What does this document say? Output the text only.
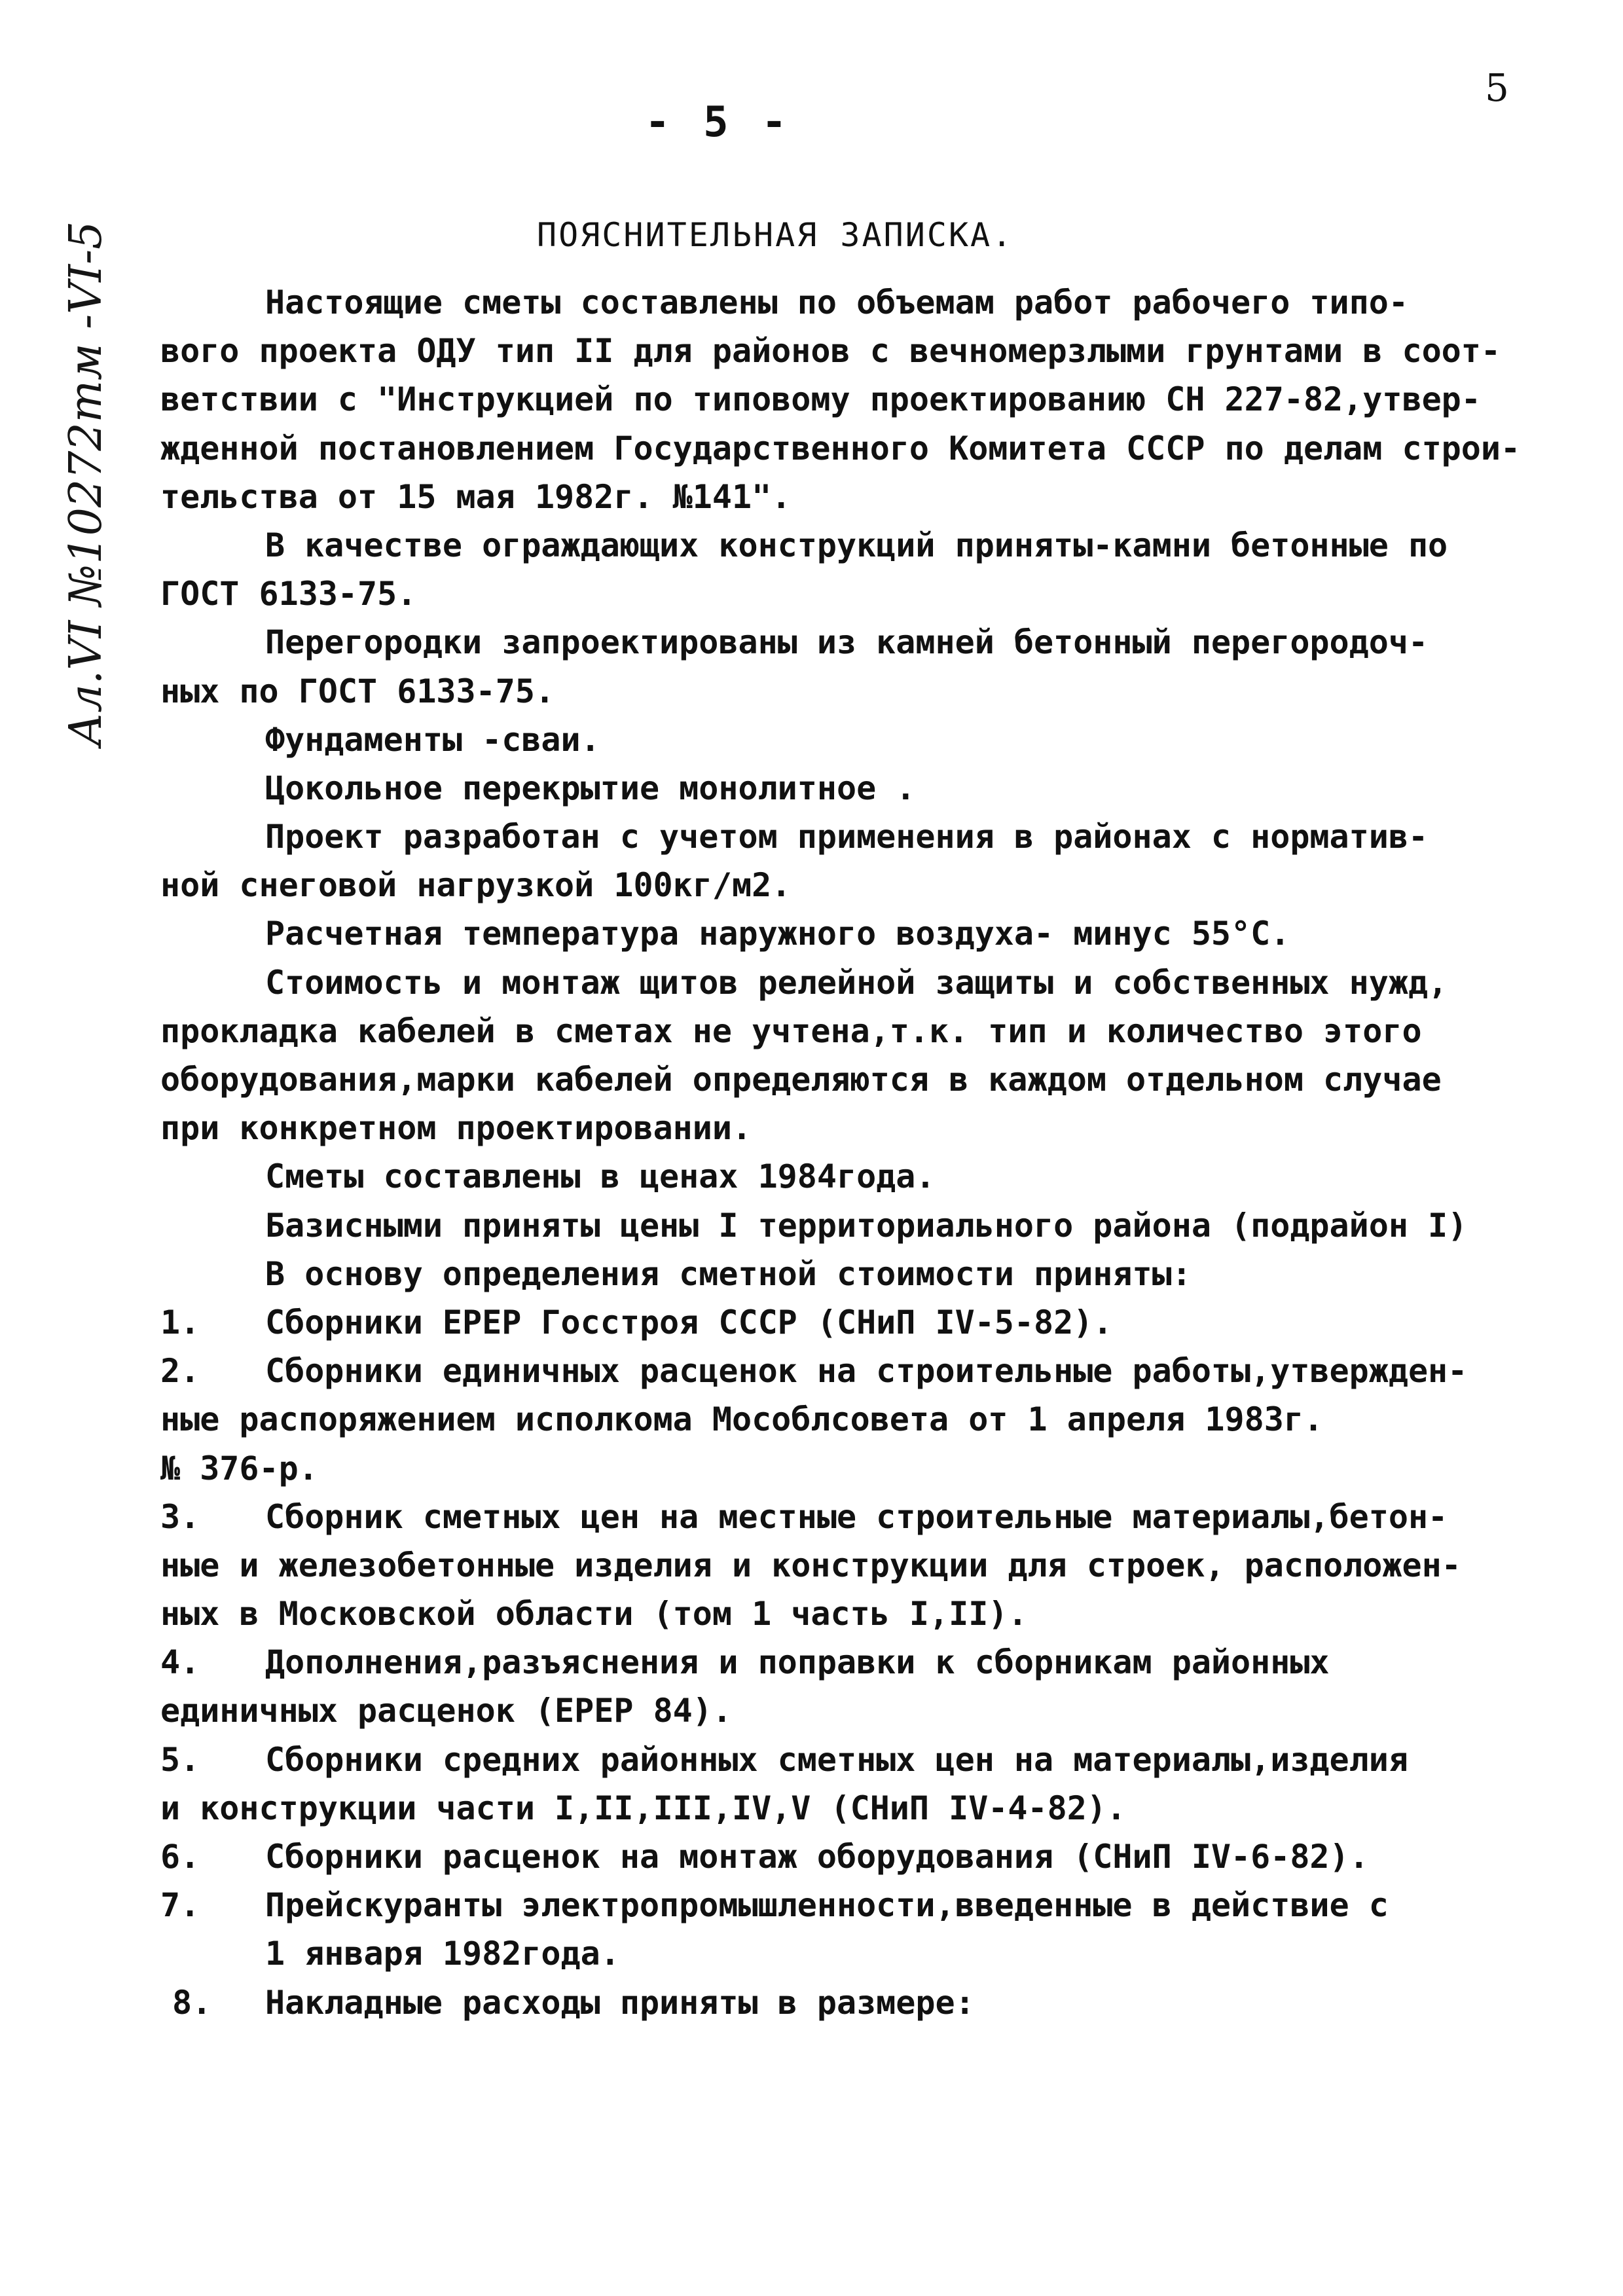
5
- 5 -
Ал.VI №10272тм -VI-5	ПОЯСНИТЕЛЬНАЯ ЗАПИСКА.
Настоящие сметы составлены по объемам работ рабочего типо-
вого проекта ОДУ тип II для районов с вечномерзлыми грунтами в соот-
ветствии с "Инструкцией по типовому проектированию СН 227-82,утвер-
жденной постановлением Государственного Комитета СССР по делам строи-
тельства от 15 мая 1982г. №141".
В качестве ограждающих конструкций приняты-камни бетонные по
ГОСТ 6133-75.
Перегородки запроектированы из камней бетонный перегородоч-
ных по ГОСТ 6133-75.
Фундаменты -сваи.
Цокольное перекрытие монолитное .
Проект разработан с учетом применения в районах с норматив-
ной снеговой нагрузкой 100кг/м2.
Расчетная температура наружного воздуха- минус 55°С.
Стоимость и монтаж щитов релейной защиты и собственных нужд,
прокладка кабелей в сметах не учтена,т.к. тип и количество этого
оборудования,марки кабелей определяются в каждом отдельном случае
при конкретном проектировании.
Сметы составлены в ценах 1984года.
Базисными приняты цены I территориального района (подрайон I)
В основу определения сметной стоимости приняты:
1.	Сборники ЕРЕР Госстроя СССР (СНиП IV-5-82).
2.	Сборники единичных расценок на строительные работы,утвержден-
ные распоряжением исполкома Мособлсовета от 1 апреля 1983г.
№ 376-р.
3.	Сборник сметных цен на местные строительные материалы,бетон-
ные и железобетонные изделия и конструкции для строек, расположен-
ных в Московской области (том 1 часть I,II).
4.	Дополнения,разъяснения и поправки к сборникам районных
единичных расценок (ЕРЕР 84).
5.	Сборники средних районных сметных цен на материалы,изделия
и конструкции части I,II,III,IV,V (СНиП IV-4-82).
6.	Сборники расценок на монтаж оборудования (СНиП IV-6-82).
7.	Прейскуранты электропромышленности,введенные в действие с
1 января 1982года.
8.	Накладные расходы приняты в размере:
